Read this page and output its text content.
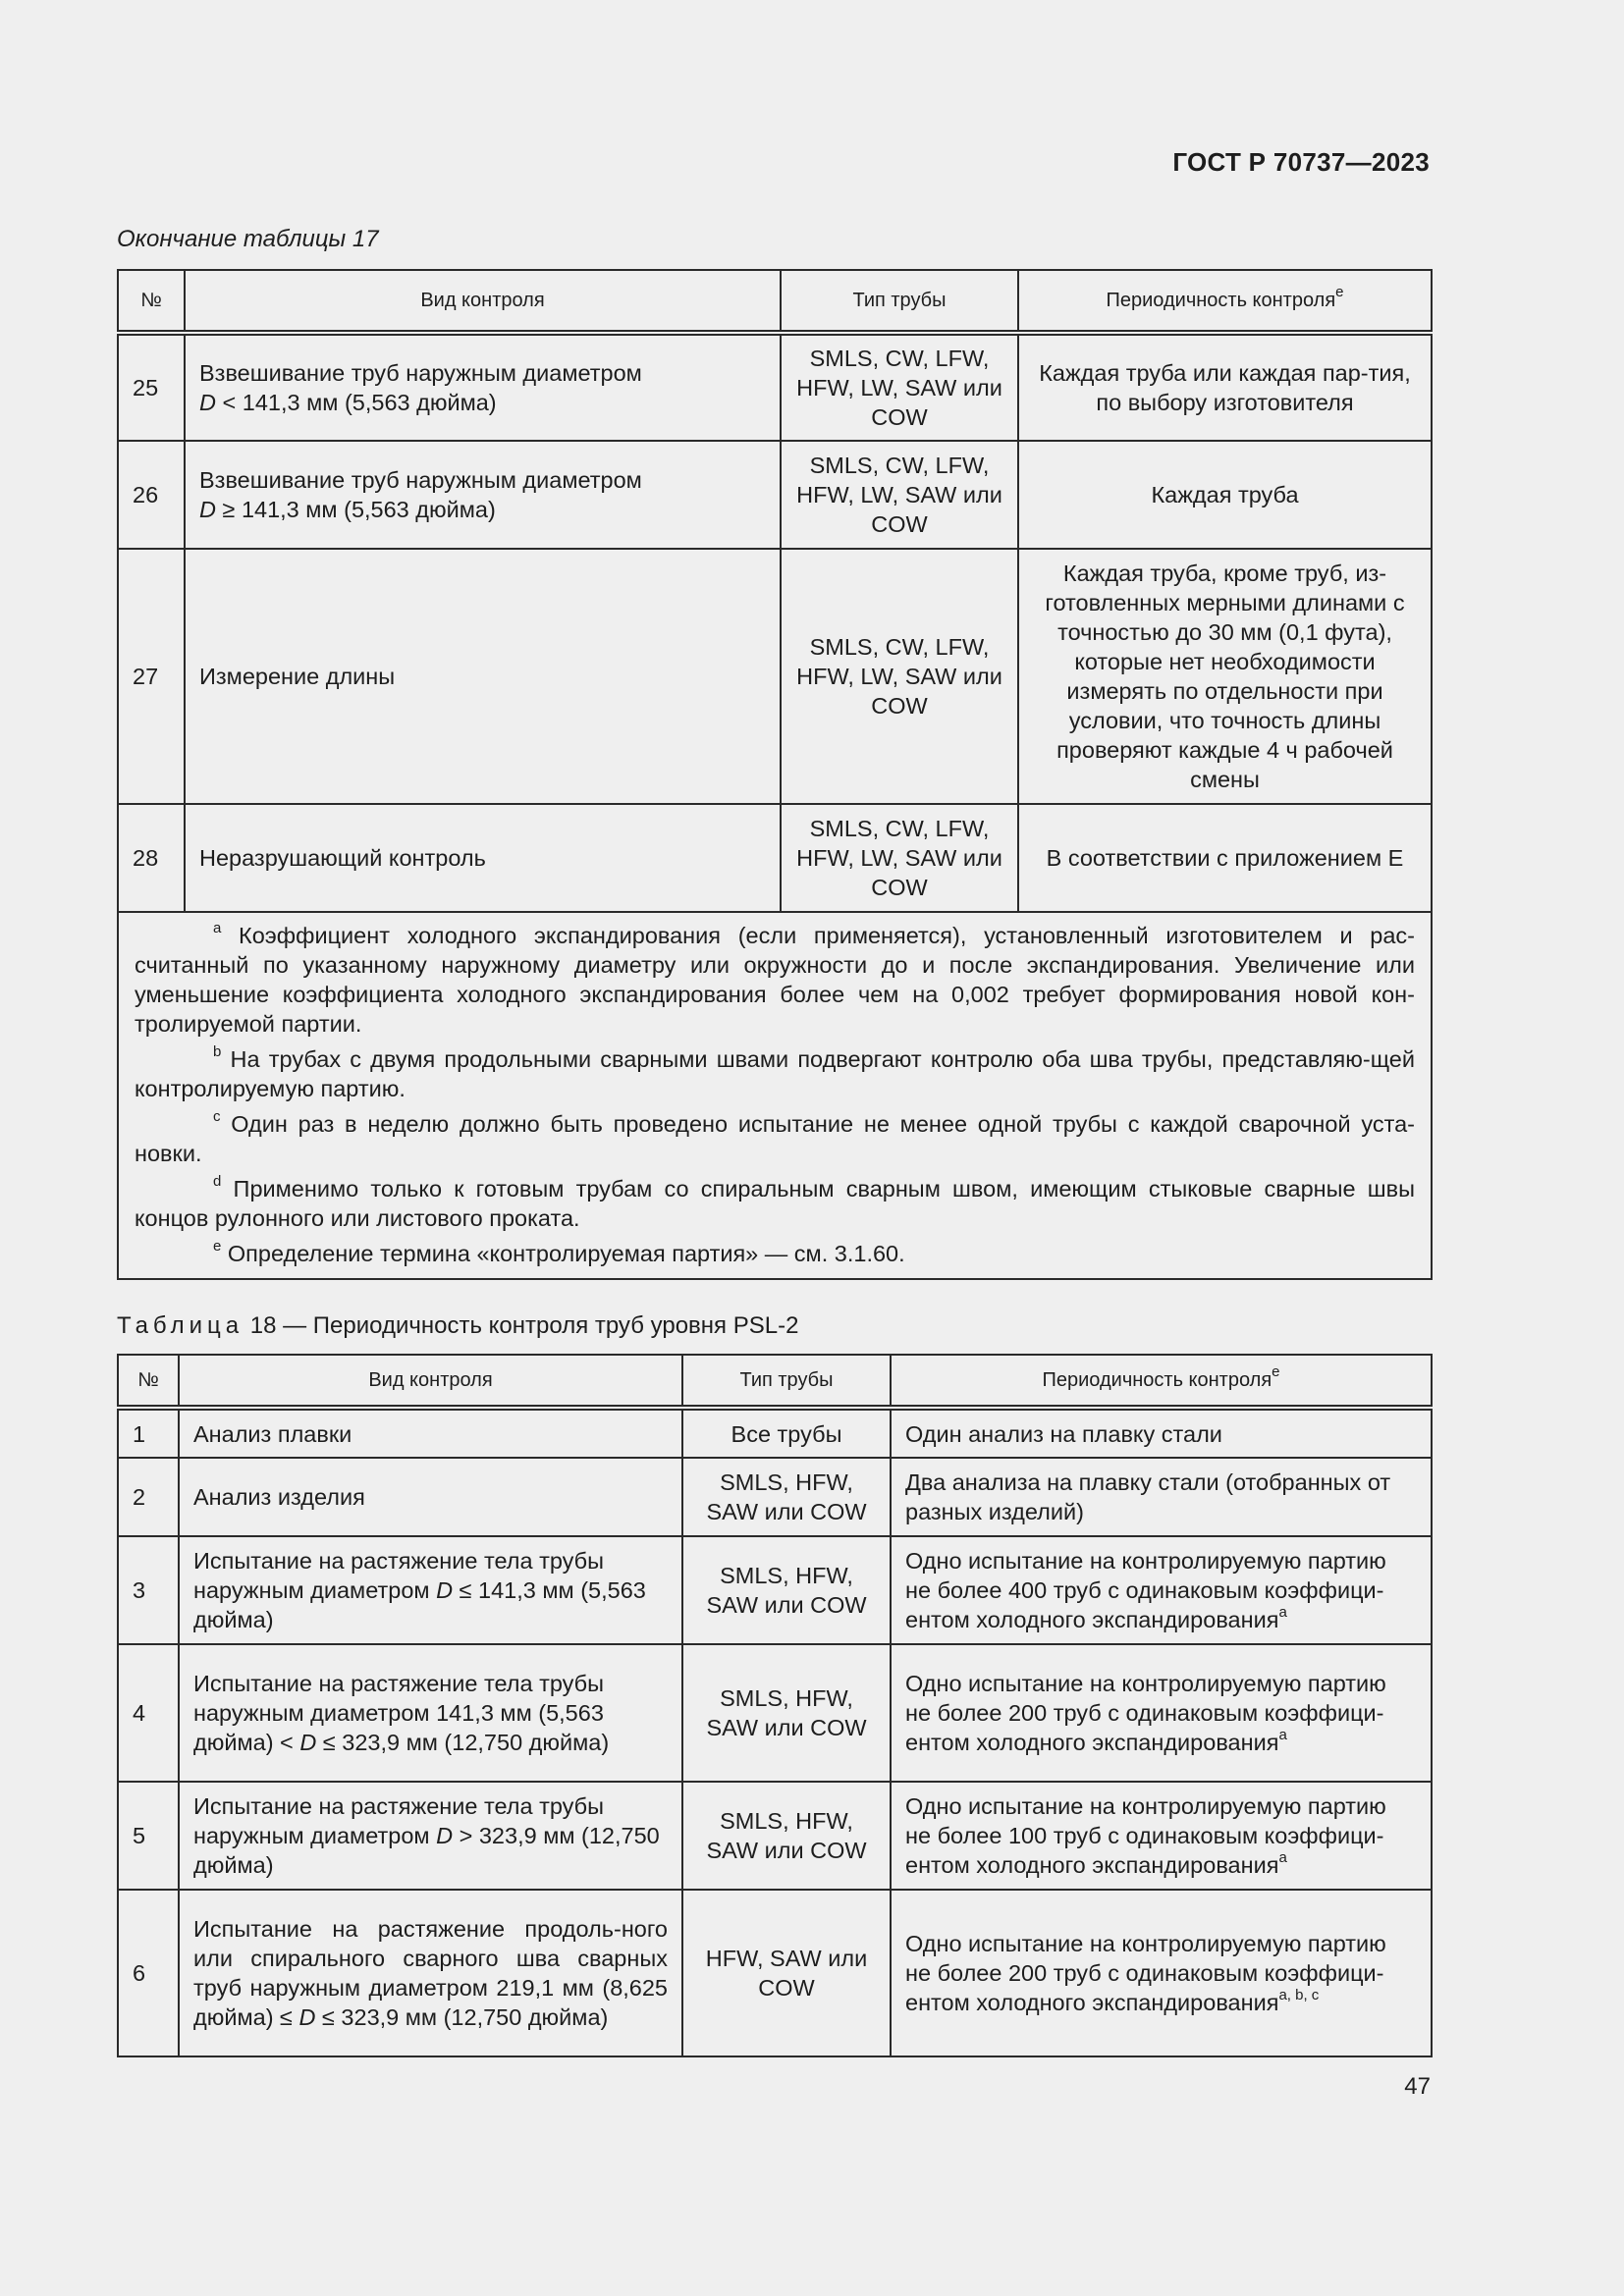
ГОСТ Р 70737—2023
Окончание таблицы 17
№	Вид контроля	Тип трубы	Периодичность контроля$^e$
25	Взвешивание труб наружным диаметром
D < 141,3 мм (5,563 дюйма)	SMLS, CW, LFW, HFW, LW, SAW или COW	Каждая труба или каждая пар-тия, по выбору изготовителя
26	Взвешивание труб наружным диаметром
D ≥ 141,3 мм (5,563 дюйма)	SMLS, CW, LFW, HFW, LW, SAW или COW	Каждая труба
27	Измерение длины	SMLS, CW, LFW, HFW, LW, SAW или COW	Каждая труба, кроме труб, из-готовленных мерными длинами с точностью до 30 мм (0,1 фута), которые нет необходимости измерять по отдельности при условии, что точность длины проверяют каждые 4 ч рабочей смены
28	Неразрушающий контроль	SMLS, CW, LFW, HFW, LW, SAW или COW	В соответствии с приложением Е

$^a$ Коэффициент холодного экспандирования (если применяется), установленный изготовителем и рас-считанный по указанному наружному диаметру или окружности до и после экспандирования. Увеличение или уменьшение коэффициента холодного экспандирования более чем на 0,002 требует формирования новой кон-тролируемой партии.

$^b$ На трубах с двумя продольными сварными швами подвергают контролю оба шва трубы, представляю-щей контролируемую партию.

$^c$ Один раз в неделю должно быть проведено испытание не менее одной трубы с каждой сварочной уста-новки.

$^d$ Применимо только к готовым трубам со спиральным сварным швом, имеющим стыковые сварные швы концов рулонного или листового проката.

$^e$ Определение термина «контролируемая партия» — см. 3.1.60.			

Таблица 18 — Периодичность контроля труб уровня PSL-2
№	Вид контроля	Тип трубы	Периодичность контроля$^e$
1	Анализ плавки	Все трубы	Один анализ на плавку стали
2	Анализ изделия	SMLS, HFW, SAW или COW	Два анализа на плавку стали (отобранных от разных изделий)
3	Испытание на растяжение тела трубы наружным диаметром D ≤ 141,3 мм (5,563 дюйма)	SMLS, HFW, SAW или COW	Одно испытание на контролируемую партию не более 400 труб с одинаковым коэффици-ентом холодного экспандирования$^a$
4	Испытание на растяжение тела трубы наружным диаметром 141,3 мм (5,563 дюйма) < D ≤ 323,9 мм (12,750 дюйма)	SMLS, HFW, SAW или COW	Одно испытание на контролируемую партию не более 200 труб с одинаковым коэффици-ентом холодного экспандирования$^a$
5	Испытание на растяжение тела трубы наружным диаметром D > 323,9 мм (12,750 дюйма)	SMLS, HFW, SAW или COW	Одно испытание на контролируемую партию не более 100 труб с одинаковым коэффици-ентом холодного экспандирования$^a$
6	Испытание на растяжение продоль-ного или спирального сварного шва сварных труб наружным диаметром 219,1 мм (8,625 дюйма) ≤ D ≤ 323,9 мм (12,750 дюйма)	HFW, SAW или COW	Одно испытание на контролируемую партию не более 200 труб с одинаковым коэффици-ентом холодного экспандирования$^{a, b, c}$
47
